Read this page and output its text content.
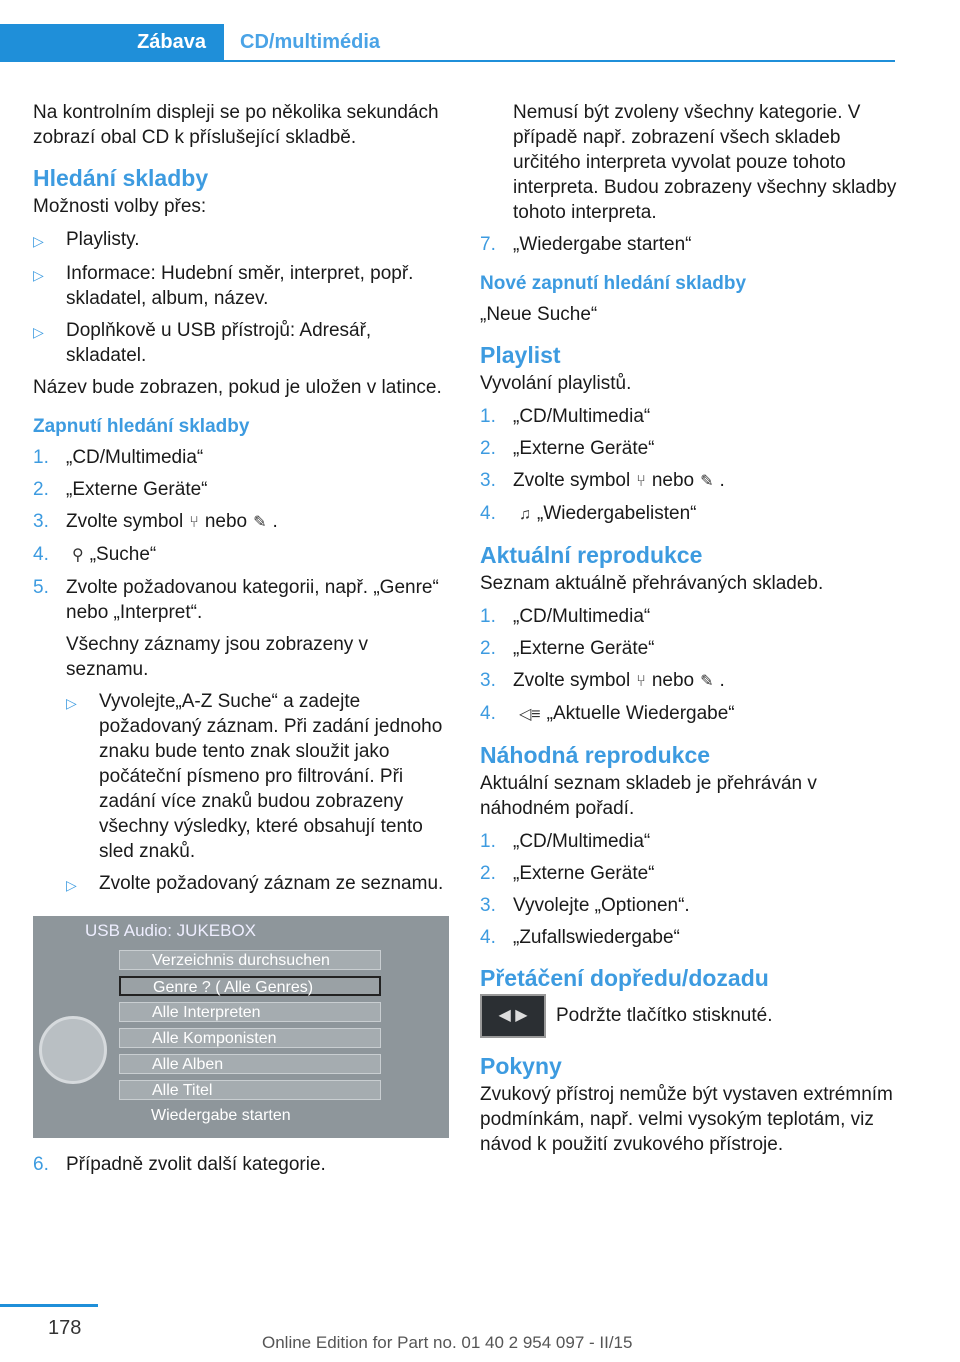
Zábava	CD/multimédia

Na kontrolním displeji se po několika sekundách zobrazí obal CD k příslušející skladbě.

Hledání skladby

Možnosti volby přes:

▷	Playlisty.
▷	Informace: Hudební směr, interpret, popř. skladatel, album, název.
▷	Doplňkově u USB přístrojů: Adresář, skladatel.

Název bude zobrazen, pokud je uložen v latince.

Zapnutí hledání skladby
1. „CD/Multimedia“
2. „Externe Geräte“
3. Zvolte symbol ⑂ nebo ✎ .
4.	⚲ „Suche“
5. Zvolte požadovanou kategorii, např. „Genre“ nebo „Interpret“.
Všechny záznamy jsou zobrazeny v seznamu.
▷	Vyvolejte„A-Z Suche“ a zadejte požadovaný záznam. Při zadání jednoho znaku bude tento znak sloužit jako počáteční písmeno pro filtrování. Při zadání více znaků budou zobrazeny všechny výsledky, které obsahují tento sled znaků.
▷	Zvolte požadovaný záznam ze seznamu.
USB Audio: JUKEBOX
Verzeichnis durchsuchen
Genre ? ( Alle Genres)
Alle Interpreten
Alle Komponisten
Alle Alben
Alle Titel
Wiedergabe starten
6. Případně zvolit další kategorie.
Nemusí být zvoleny všechny kategorie. V případě např. zobrazení všech skladeb určitého interpreta vyvolat pouze tohoto interpreta. Budou zobrazeny všechny skladby tohoto interpreta.
7. „Wiedergabe starten“
Nové zapnutí hledání skladby

„Neue Suche“

Playlist

Vyvolání playlistů.

1. „CD/Multimedia“
2. „Externe Geräte“
3. Zvolte symbol ⑂ nebo ✎ .
4.	♫ „Wiedergabelisten“
Aktuální reprodukce

Seznam aktuálně přehrávaných skladeb.

1. „CD/Multimedia“
2. „Externe Geräte“
3. Zvolte symbol ⑂ nebo ✎ .
4.	◁≡ „Aktuelle Wiedergabe“
Náhodná reprodukce

Aktuální seznam skladeb je přehráván v náhodném pořadí.

1. „CD/Multimedia“
2. „Externe Geräte“
3. Vyvolejte „Optionen“.
4. „Zufallswiedergabe“
Přetáčení dopředu/dozadu

◀ ▶ Podržte tlačítko stisknuté.

Pokyny

Zvukový přístroj nemůže být vystaven extrémním podmínkám, např. velmi vysokým teplotám, viz návod k použití zvukového přístroje.

178
Online Edition for Part no. 01 40 2 954 097 - II/15
